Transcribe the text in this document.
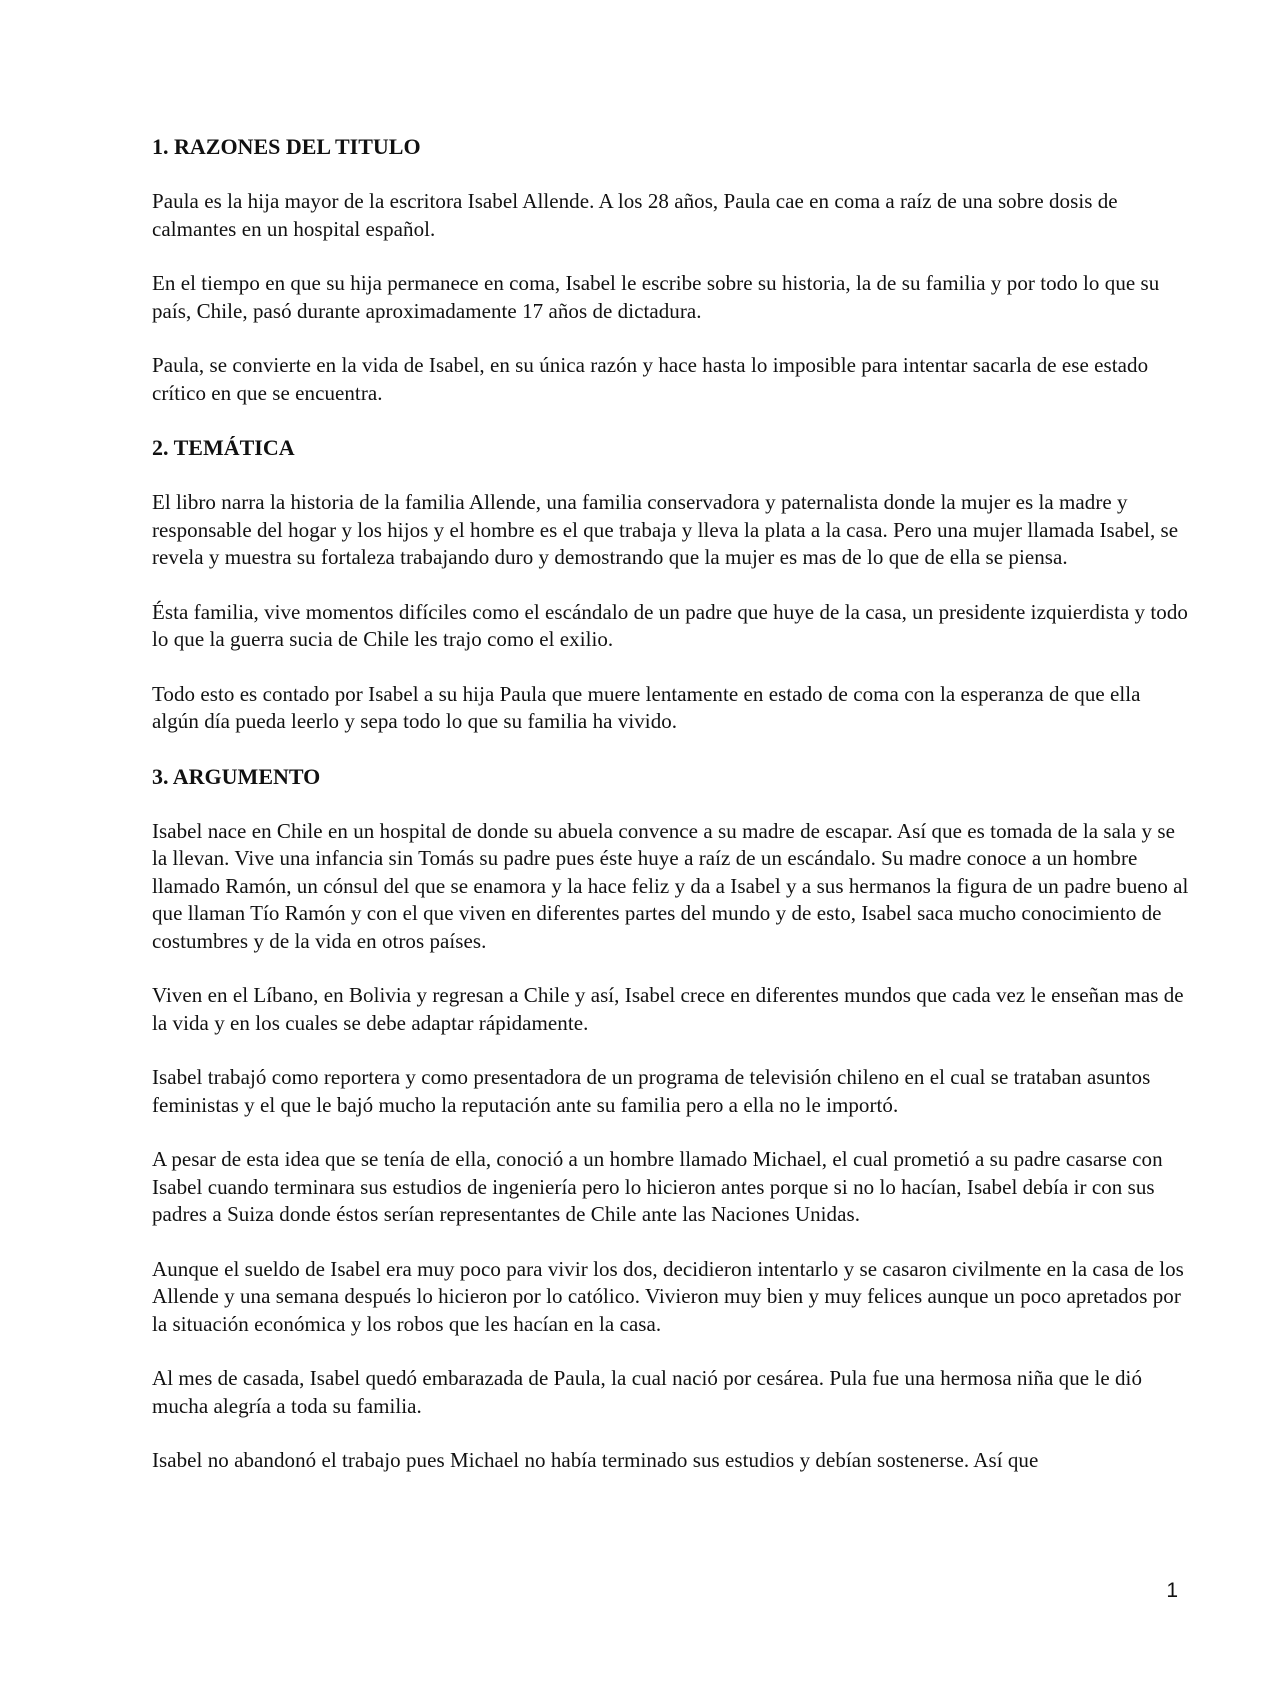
1. RAZONES DEL TITULO

Paula es la hija mayor de la escritora Isabel Allende. A los 28 años, Paula cae en coma a raíz de una sobre dosis de calmantes en un hospital español.

En el tiempo en que su hija permanece en coma, Isabel le escribe sobre su historia, la de su familia y por todo lo que su país, Chile, pasó durante aproximadamente 17 años de dictadura.

Paula, se convierte en la vida de Isabel, en su única razón y hace hasta lo imposible para intentar sacarla de ese estado crítico en que se encuentra.

2. TEMÁTICA

El libro narra la historia de la familia Allende, una familia conservadora y paternalista donde la mujer es la madre y responsable del hogar y los hijos y el hombre es el que trabaja y lleva la plata a la casa. Pero una mujer llamada Isabel, se revela y muestra su fortaleza trabajando duro y demostrando que la mujer es mas de lo que de ella se piensa.

Ésta familia, vive momentos difíciles como el escándalo de un padre que huye de la casa, un presidente izquierdista y todo lo que la guerra sucia de Chile les trajo como el exilio.

Todo esto es contado por Isabel a su hija Paula que muere lentamente en estado de coma con la esperanza de que ella algún día pueda leerlo y sepa todo lo que su familia ha vivido.

3. ARGUMENTO

Isabel nace en Chile en un hospital de donde su abuela convence a su madre de escapar. Así que es tomada de la sala y se la llevan. Vive una infancia sin Tomás su padre pues éste huye a raíz de un escándalo. Su madre conoce a un hombre llamado Ramón, un cónsul del que se enamora y la hace feliz y da a Isabel y a sus hermanos la figura de un padre bueno al que llaman Tío Ramón y con el que viven en diferentes partes del mundo y de esto, Isabel saca mucho conocimiento de costumbres y de la vida en otros países.

Viven en el Líbano, en Bolivia y regresan a Chile y así, Isabel crece en diferentes mundos que cada vez le enseñan mas de la vida y en los cuales se debe adaptar rápidamente.

Isabel trabajó como reportera y como presentadora de un programa de televisión chileno en el cual se trataban asuntos feministas y el que le bajó mucho la reputación ante su familia pero a ella no le importó.

A pesar de esta idea que se tenía de ella, conoció a un hombre llamado Michael, el cual prometió a su padre casarse con Isabel cuando terminara sus estudios de ingeniería pero lo hicieron antes porque si no lo hacían, Isabel debía ir con sus padres a Suiza donde éstos serían representantes de Chile ante las Naciones Unidas.

Aunque el sueldo de Isabel era muy poco para vivir los dos, decidieron intentarlo y se casaron civilmente en la casa de los Allende y una semana después lo hicieron por lo católico. Vivieron muy bien y muy felices aunque un poco apretados por la situación económica y los robos que les hacían en la casa.

Al mes de casada, Isabel quedó embarazada de Paula, la cual nació por cesárea. Pula fue una hermosa niña que le dió mucha alegría a toda su familia.

Isabel no abandonó el trabajo pues Michael no había terminado sus estudios y debían sostenerse. Así que

1
